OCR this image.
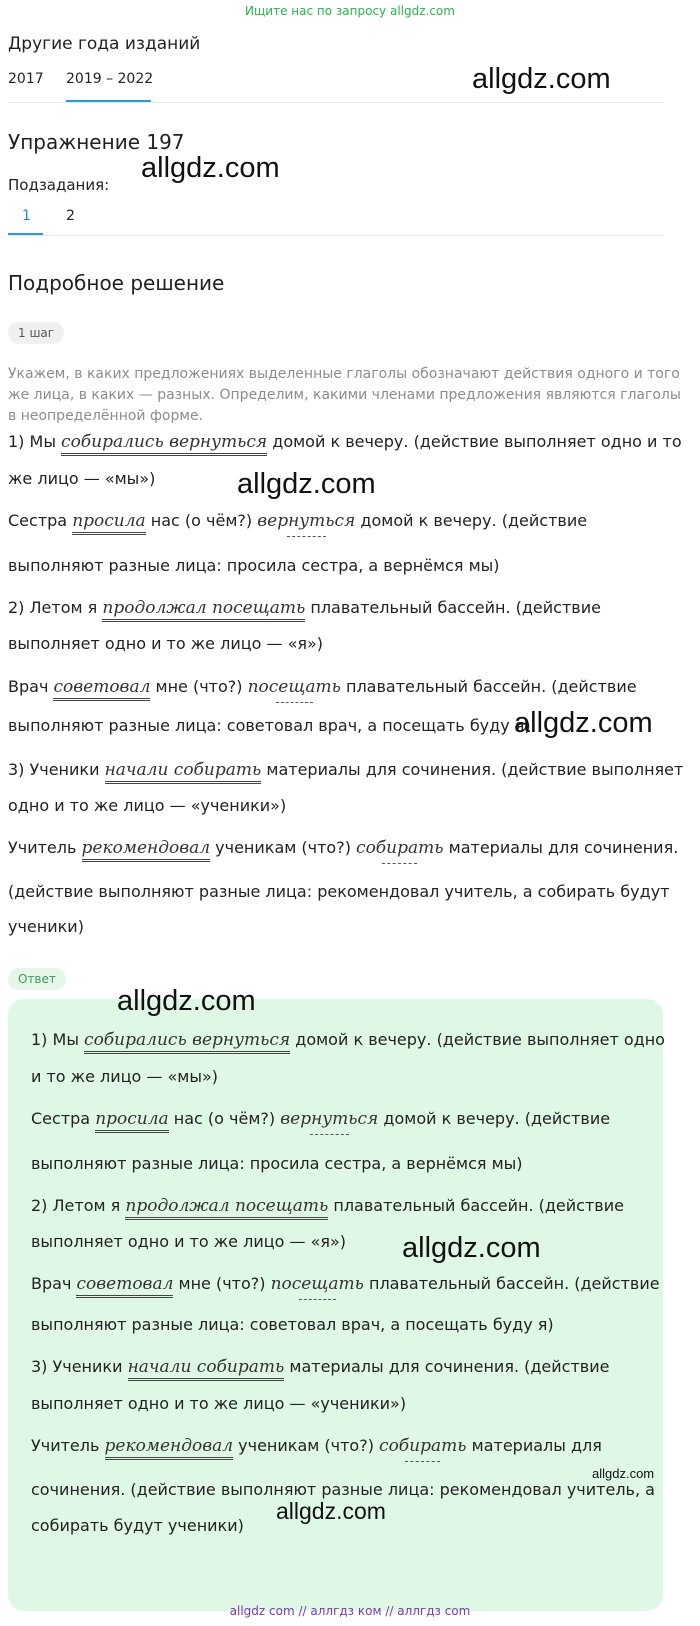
Ищите нас по запросу allgdz.com
Другие года изданий
2017 2019 – 2022
Упражнение 197
Подзадания:
1	2
Подробное решение
1 шаг
Укажем, в каких предложениях выделенные глаголы обозначают действия одного и того же лица, в каких — разных. Определим, какими членами предложения являются глаголы в неопределённой форме.
1) Мы собирались вернуться домой к вечеру. (действие выполняет одно и то
же лицо — «мы»)
Сестра просила нас (о чём?) вернуться домой к вечеру. (действие
выполняют разные лица: просила сестра, а вернёмся мы)
2) Летом я продолжал посещать плавательный бассейн. (действие
выполняет одно и то же лицо — «я»)
Врач советовал мне (что?) посещать плавательный бассейн. (действие
выполняют разные лица: советовал врач, а посещать буду я)
3) Ученики начали собирать материалы для сочинения. (действие выполняет
одно и то же лицо — «ученики»)
Учитель рекомендовал ученикам (что?) собирать материалы для сочинения.
(действие выполняют разные лица: рекомендовал учитель, а собирать будут
ученики)
Ответ
1) Мы собирались вернуться домой к вечеру. (действие выполняет одно
и то же лицо — «мы»)
Сестра просила нас (о чём?) вернуться домой к вечеру. (действие
выполняют разные лица: просила сестра, а вернёмся мы)
2) Летом я продолжал посещать плавательный бассейн. (действие
выполняет одно и то же лицо — «я»)
Врач советовал мне (что?) посещать плавательный бассейн. (действие
выполняют разные лица: советовал врач, а посещать буду я)
3) Ученики начали собирать материалы для сочинения. (действие
выполняет одно и то же лицо — «ученики»)
Учитель рекомендовал ученикам (что?) собирать материалы для
сочинения. (действие выполняют разные лица: рекомендовал учитель, а
собирать будут ученики)
allgdz.com
allgdz.com
allgdz.com
allgdz.com
allgdz.com
allgdz.com
allgdz.com
allgdz.com
allgdz com // аллгдз ком // аллгдз com
